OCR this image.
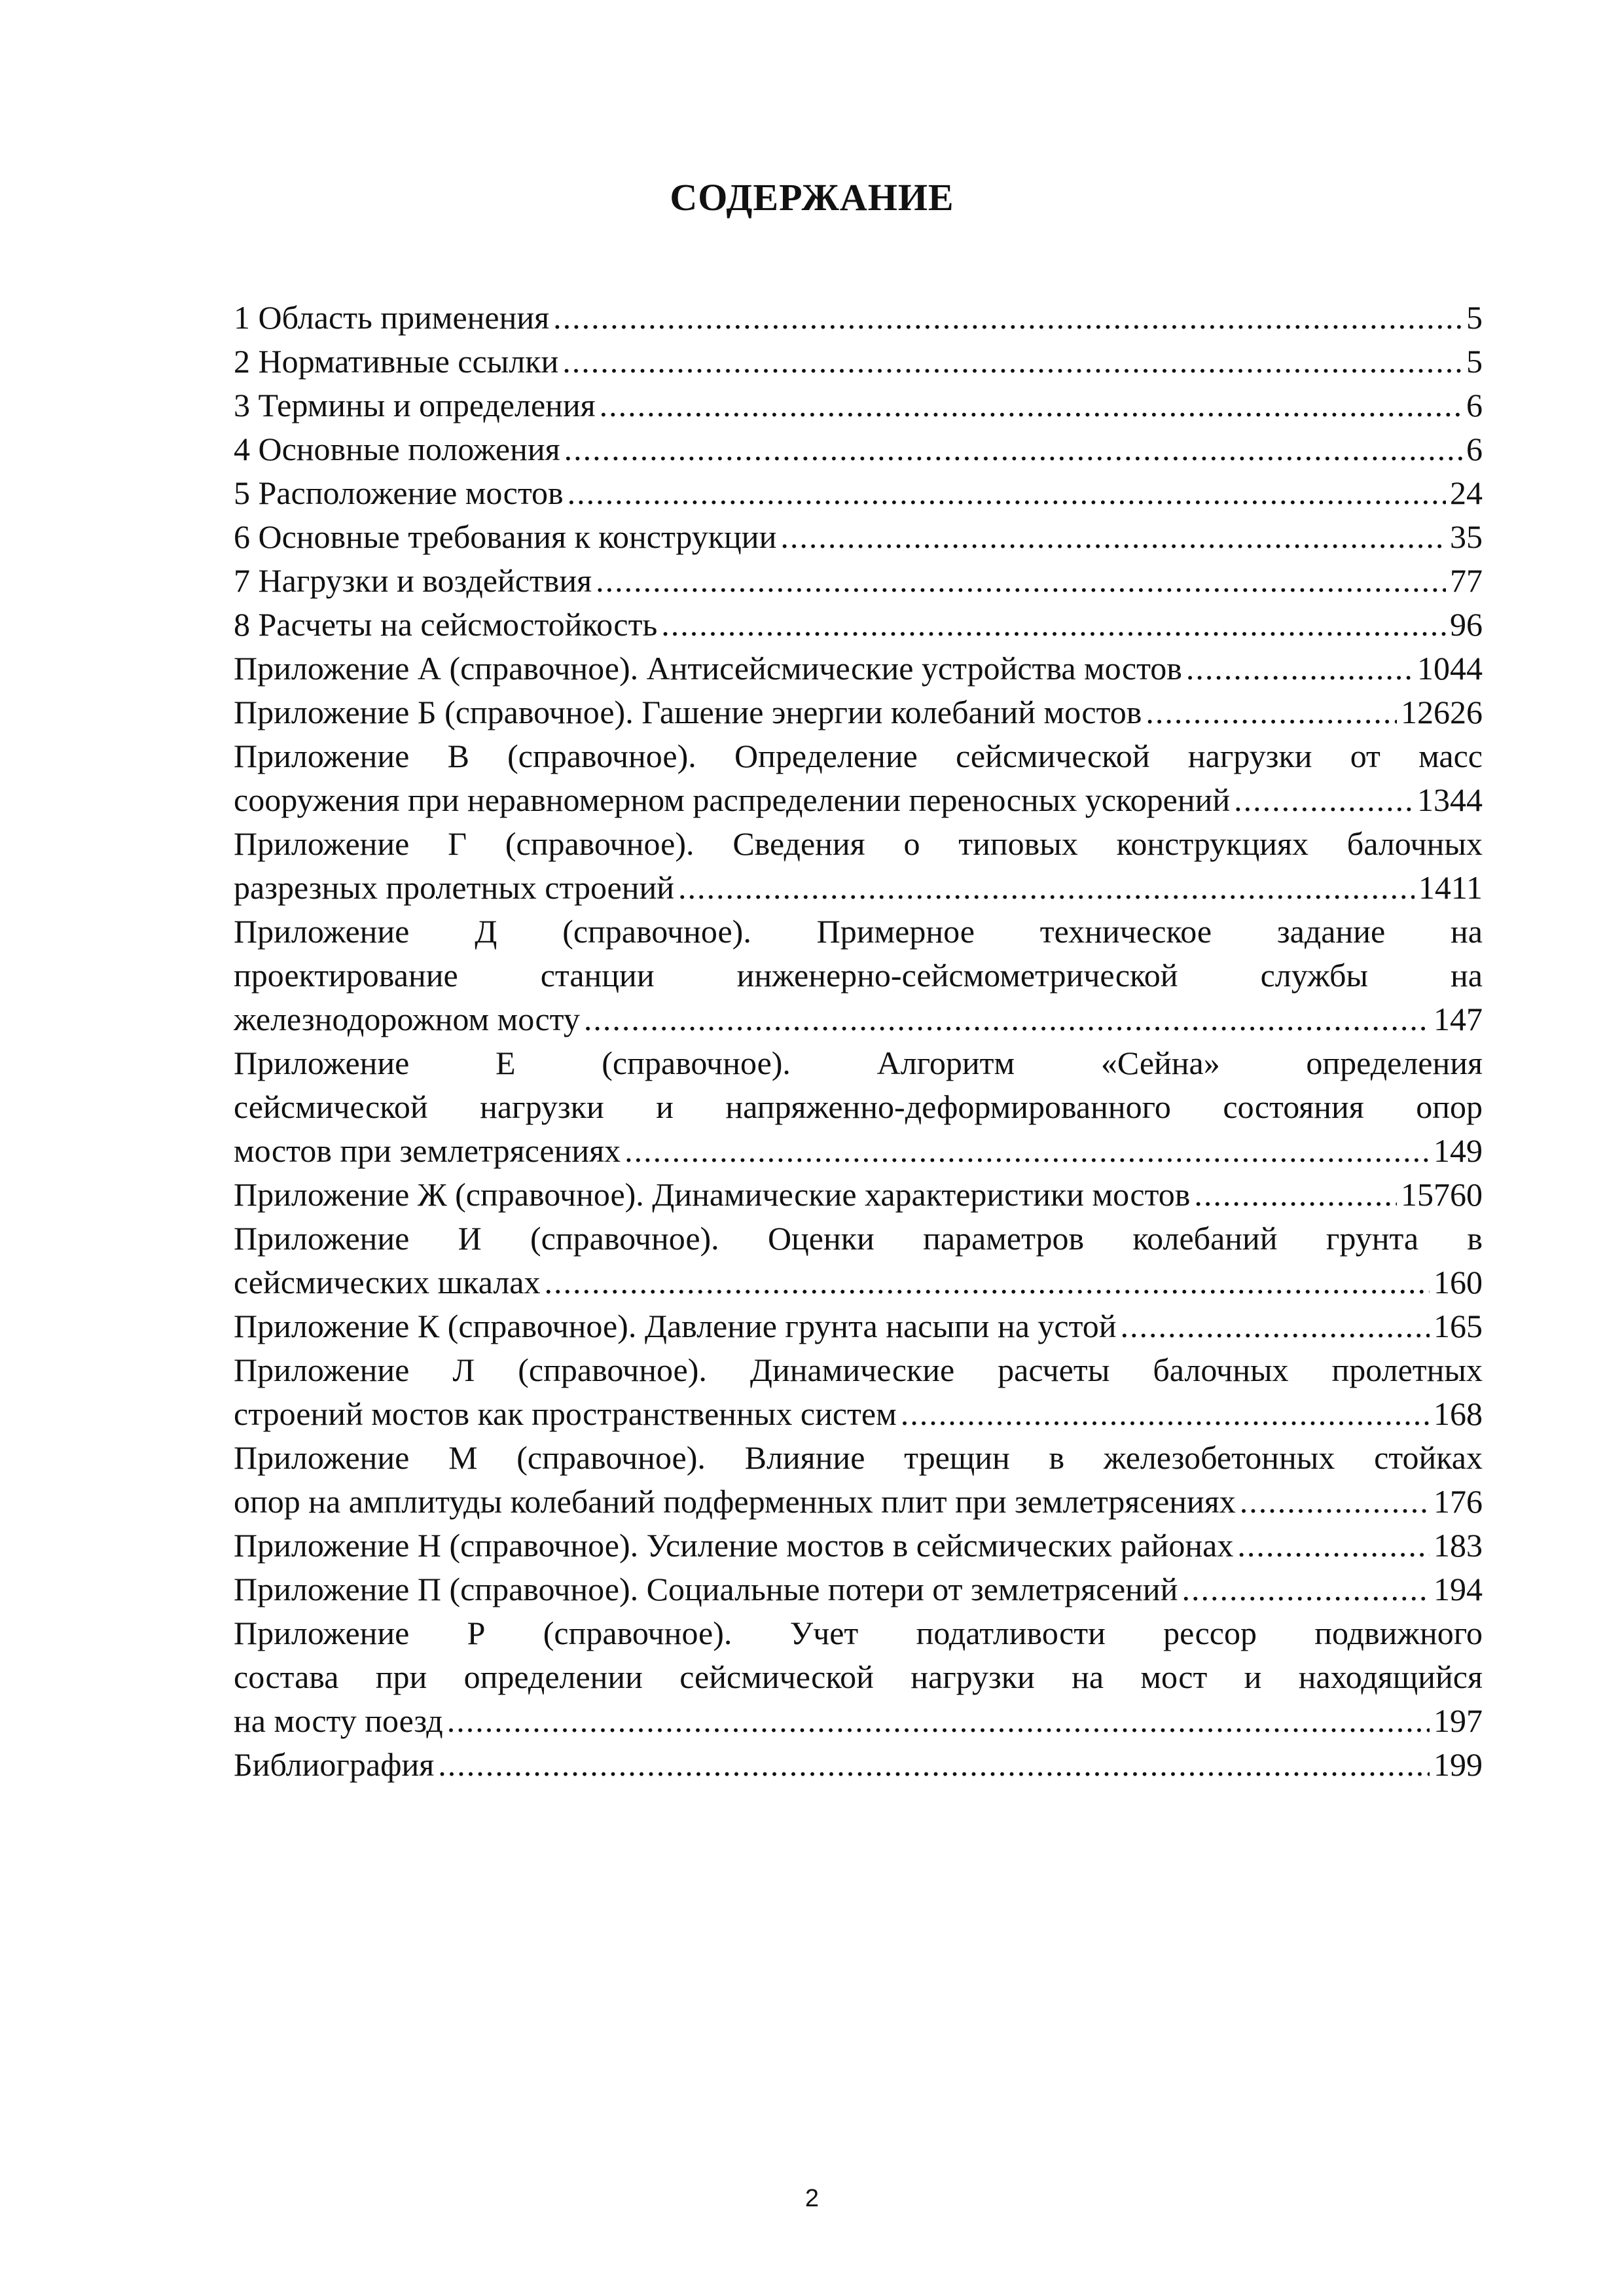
СОДЕРЖАНИЕ
1 Область применения .....	5
2 Нормативные ссылки .....	5
3 Термины и определения .....	6
4 Основные положения .....	6
5 Расположение мостов .....	24
6 Основные требования к конструкции .....	35
7 Нагрузки и воздействия .....	77
8 Расчеты на сейсмостойкость .....	96
Приложение А (справочное). Антисейсмические устройства мостов .....	1044
Приложение Б (справочное). Гашение энергии колебаний мостов .....	12626
Приложение В (справочное). Определение сейсмической нагрузки от масс
сооружения при неравномерном распределении переносных ускорений .....	1344
Приложение Г (справочное). Сведения о типовых конструкциях балочных
разрезных пролетных строений .....	1411
Приложение Д (справочное). Примерное техническое задание на
проектирование станции инженерно-сейсмометрической службы на
железнодорожном мосту .....	147
Приложение Е (справочное). Алгоритм «Сейна» определения
сейсмической нагрузки и напряженно-деформированного состояния опор
мостов при землетрясениях .....	149
Приложение Ж (справочное). Динамические характеристики мостов .....	15760
Приложение И (справочное). Оценки параметров колебаний грунта в
сейсмических шкалах .....	160
Приложение К (справочное). Давление грунта насыпи на устой .....	165
Приложение Л (справочное). Динамические расчеты балочных пролетных
строений мостов как пространственных систем .....	168
Приложение М (справочное). Влияние трещин в железобетонных стойках
опор на амплитуды колебаний подферменных плит при землетрясениях .....	176
Приложение Н (справочное). Усиление мостов в сейсмических районах .....	183
Приложение П (справочное). Социальные потери от землетрясений .....	194
Приложение Р (справочное). Учет податливости рессор подвижного
состава при определении сейсмической нагрузки на мост и находящийся
на мосту поезд .....	197
Библиография .....	199
2
